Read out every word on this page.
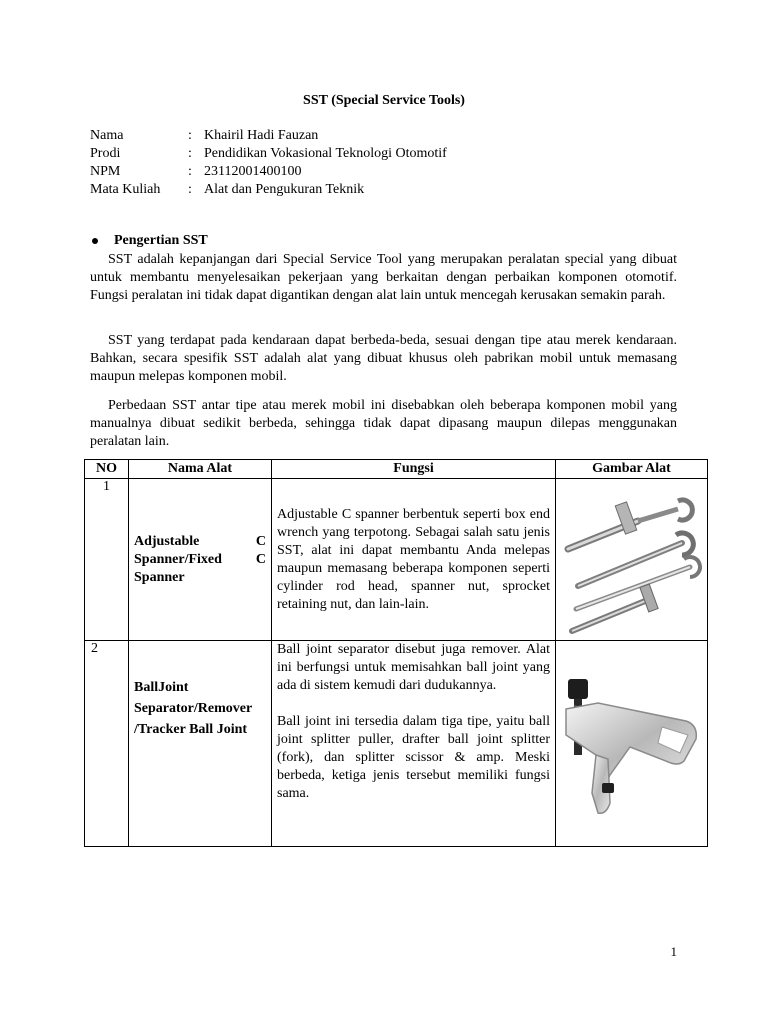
SST (Special Service Tools)
Nama	: Khairil Hadi Fauzan
Prodi	: Pendidikan Vokasional Teknologi Otomotif
NPM	: 23112001400100
Mata Kuliah	: Alat dan Pengukuran Teknik
Pengertian SST

SST adalah kepanjangan dari Special Service Tool yang merupakan peralatan special yang dibuat untuk membantu menyelesaikan pekerjaan yang berkaitan dengan perbaikan komponen otomotif. Fungsi peralatan ini tidak dapat digantikan dengan alat lain untuk mencegah kerusakan semakin parah.

SST yang terdapat pada kendaraan dapat berbeda-beda, sesuai dengan tipe atau merek kendaraan. Bahkan, secara spesifik SST adalah alat yang dibuat khusus oleh pabrikan mobil untuk memasang maupun melepas komponen mobil.

Perbedaan SST antar tipe atau merek mobil ini disebabkan oleh beberapa komponen mobil yang manualnya dibuat sedikit berbeda, sehingga tidak dapat dipasang maupun dilepas menggunakan peralatan lain.

NO	Nama Alat	Fungsi	Gambar Alat
1	Adjustable C Spanner/Fixed C Spanner	Adjustable C spanner berbentuk seperti box end wrench yang terpotong. Sebagai salah satu jenis SST, alat ini dapat membantu Anda melepas maupun memasang beberapa komponen seperti cylinder rod head, spanner nut, sprocket retaining nut, dan lain-lain.

2	BallJoint Separator/Remover /Tracker Ball Joint	Ball joint separator disebut juga remover. Alat ini berfungsi untuk memisahkan ball joint yang ada di sistem kemudi dari dudukannya.
Ball joint ini tersedia dalam tiga tipe, yaitu ball joint splitter puller, drafter ball joint splitter (fork), dan splitter scissor & amp. Meski berbeda, ketiga jenis tersebut memiliki fungsi sama.

1
